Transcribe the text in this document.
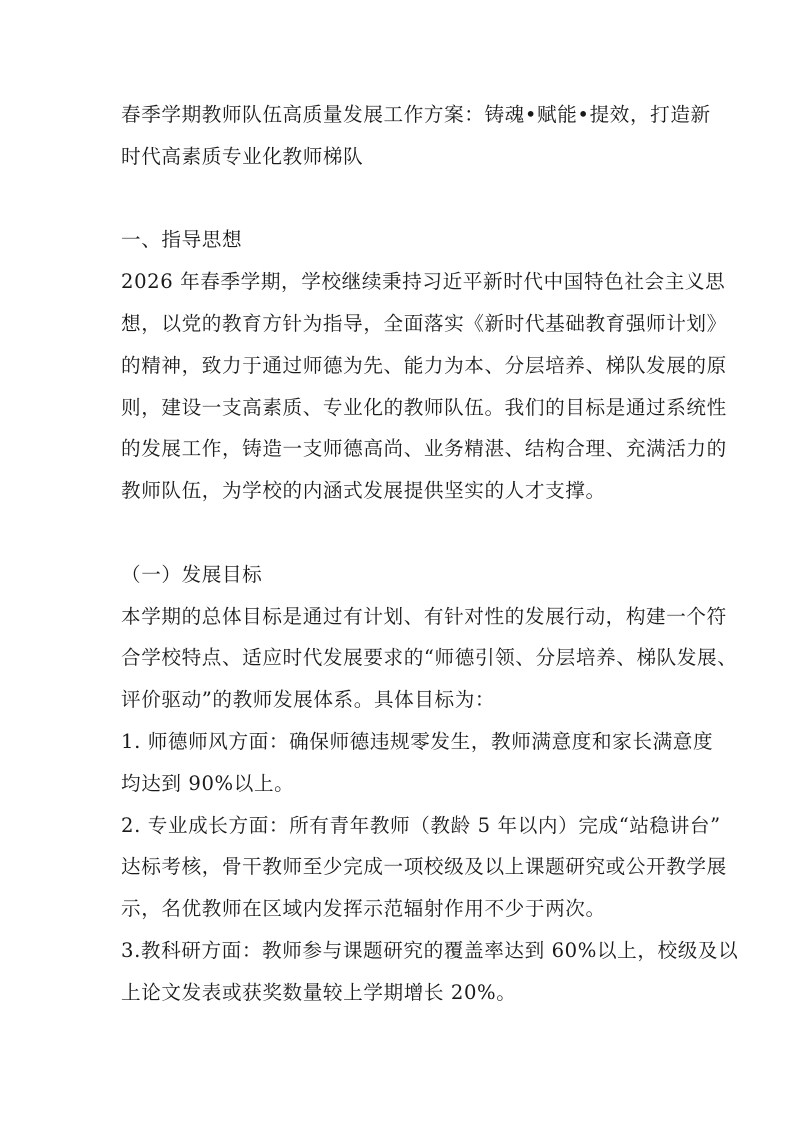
春季学期教师队伍高质量发展工作方案：铸魂•赋能•提效，打造新
时代高素质专业化教师梯队
一、指导思想
2026 年春季学期，学校继续秉持习近平新时代中国特色社会主义思
想，以党的教育方针为指导，全面落实《新时代基础教育强师计划》
的精神，致力于通过师德为先、能力为本、分层培养、梯队发展的原
则，建设一支高素质、专业化的教师队伍。我们的目标是通过系统性
的发展工作，铸造一支师德高尚、业务精湛、结构合理、充满活力的
教师队伍，为学校的内涵式发展提供坚实的人才支撑。
（一）发展目标
本学期的总体目标是通过有计划、有针对性的发展行动，构建一个符
合学校特点、适应时代发展要求的“师德引领、分层培养、梯队发展、
评价驱动”的教师发展体系。具体目标为：
1. 师德师风方面：确保师德违规零发生，教师满意度和家长满意度
均达到 90%以上。
2. 专业成长方面：所有青年教师（教龄 5 年以内）完成“站稳讲台”
达标考核，骨干教师至少完成一项校级及以上课题研究或公开教学展
示，名优教师在区域内发挥示范辐射作用不少于两次。
3.教科研方面：教师参与课题研究的覆盖率达到 60%以上，校级及以
上论文发表或获奖数量较上学期增长 20%。
